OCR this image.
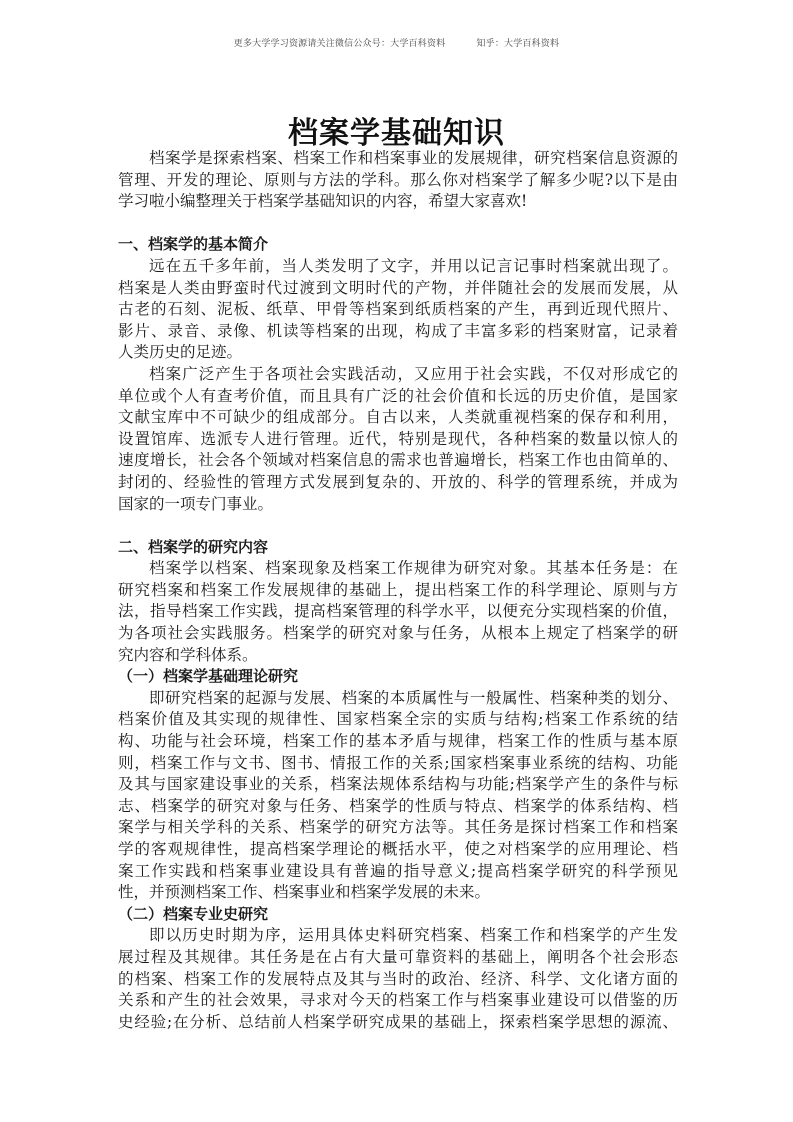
更多大学学习资源请关注微信公众号：大学百科资料	知乎：大学百科资料
档案学基础知识
档案学是探索档案、档案工作和档案事业的发展规律，研究档案信息资源的
管理、开发的理论、原则与方法的学科。那么你对档案学了解多少呢?以下是由
学习啦小编整理关于档案学基础知识的内容，希望大家喜欢!
一、档案学的基本简介
远在五千多年前，当人类发明了文字，并用以记言记事时档案就出现了。
档案是人类由野蛮时代过渡到文明时代的产物，并伴随社会的发展而发展，从
古老的石刻、泥板、纸草、甲骨等档案到纸质档案的产生，再到近现代照片、
影片、录音、录像、机读等档案的出现，构成了丰富多彩的档案财富，记录着
人类历史的足迹。
档案广泛产生于各项社会实践活动，又应用于社会实践，不仅对形成它的
单位或个人有查考价值，而且具有广泛的社会价值和长远的历史价值，是国家
文献宝库中不可缺少的组成部分。自古以来，人类就重视档案的保存和利用，
设置馆库、选派专人进行管理。近代，特别是现代，各种档案的数量以惊人的
速度增长，社会各个领域对档案信息的需求也普遍增长，档案工作也由简单的、
封闭的、经验性的管理方式发展到复杂的、开放的、科学的管理系统，并成为
国家的一项专门事业。
二、档案学的研究内容
档案学以档案、档案现象及档案工作规律为研究对象。其基本任务是：在
研究档案和档案工作发展规律的基础上，提出档案工作的科学理论、原则与方
法，指导档案工作实践，提高档案管理的科学水平，以便充分实现档案的价值，
为各项社会实践服务。档案学的研究对象与任务，从根本上规定了档案学的研
究内容和学科体系。
（一）档案学基础理论研究
即研究档案的起源与发展、档案的本质属性与一般属性、档案种类的划分、
档案价值及其实现的规律性、国家档案全宗的实质与结构;档案工作系统的结
构、功能与社会环境，档案工作的基本矛盾与规律，档案工作的性质与基本原
则，档案工作与文书、图书、情报工作的关系;国家档案事业系统的结构、功能
及其与国家建设事业的关系，档案法规体系结构与功能;档案学产生的条件与标
志、档案学的研究对象与任务、档案学的性质与特点、档案学的体系结构、档
案学与相关学科的关系、档案学的研究方法等。其任务是探讨档案工作和档案
学的客观规律性，提高档案学理论的概括水平，使之对档案学的应用理论、档
案工作实践和档案事业建设具有普遍的指导意义;提高档案学研究的科学预见
性，并预测档案工作、档案事业和档案学发展的未来。
（二）档案专业史研究
即以历史时期为序，运用具体史料研究档案、档案工作和档案学的产生发
展过程及其规律。其任务是在占有大量可靠资料的基础上，阐明各个社会形态
的档案、档案工作的发展特点及其与当时的政治、经济、科学、文化诸方面的
关系和产生的社会效果，寻求对今天的档案工作与档案事业建设可以借鉴的历
史经验;在分析、总结前人档案学研究成果的基础上，探索档案学思想的源流、
